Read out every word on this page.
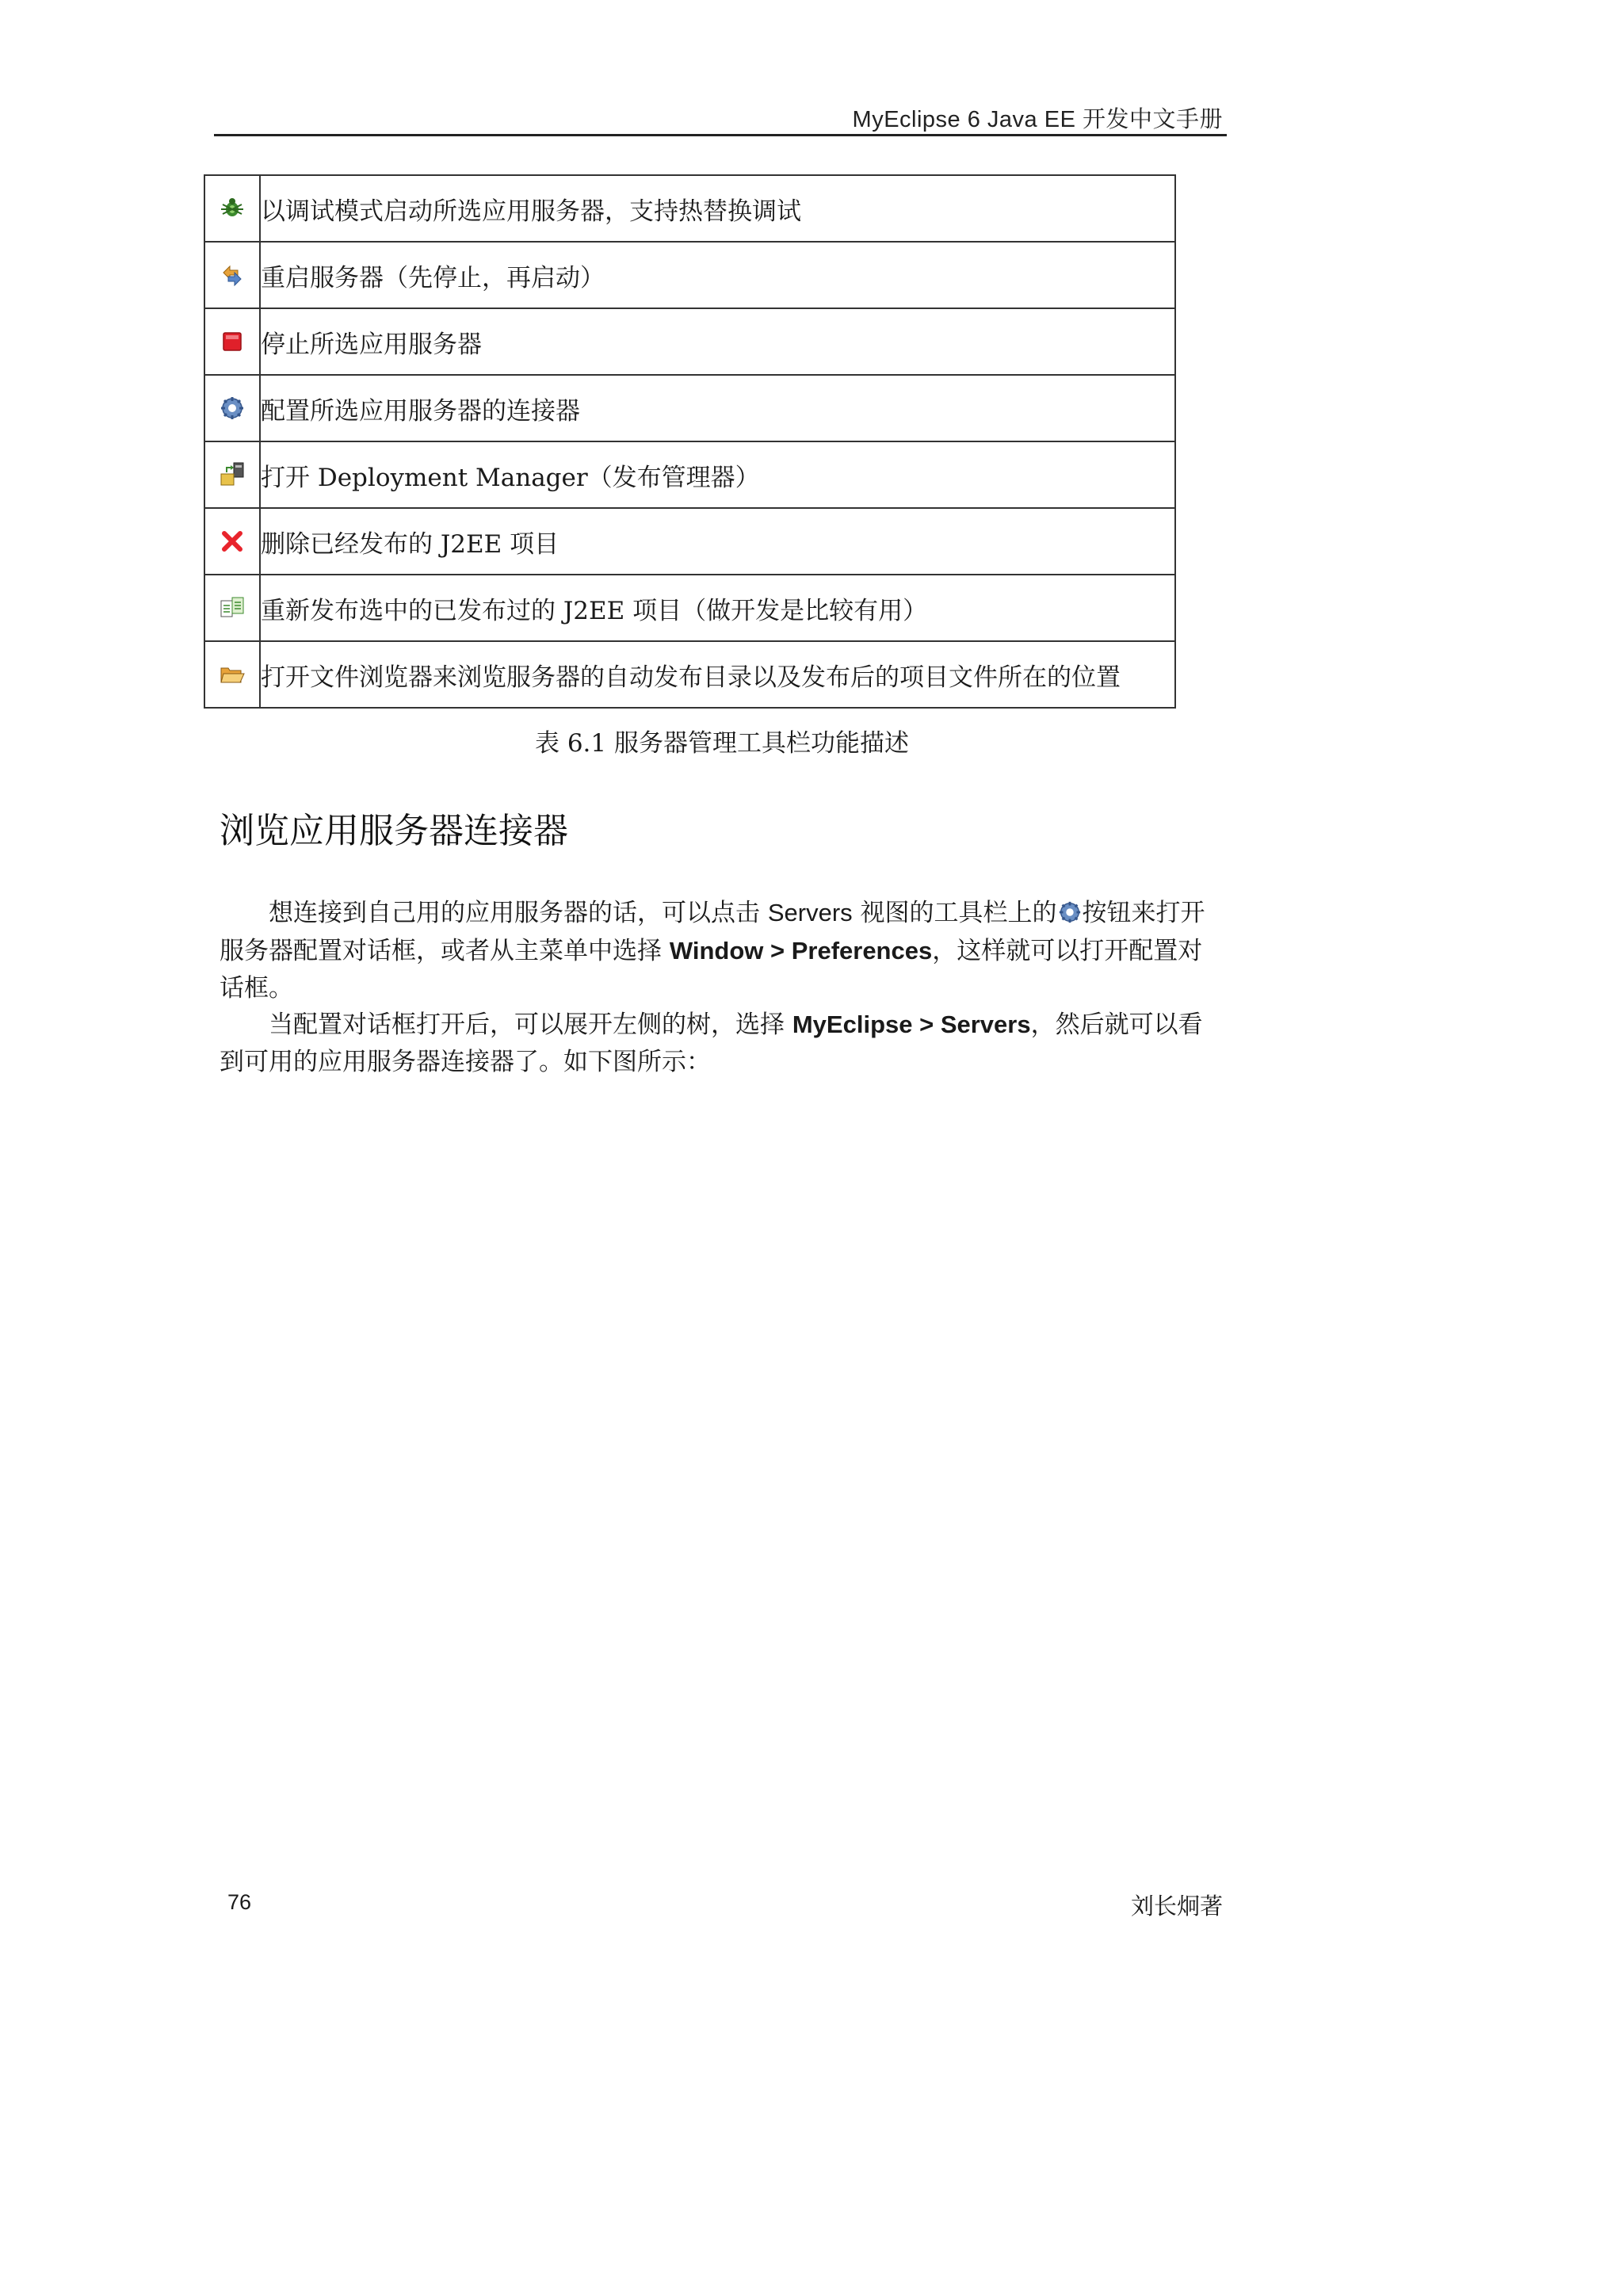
MyEclipse 6 Java EE 开发中文手册
	以调试模式启动所选应用服务器，支持热替换调试

	重启服务器（先停止，再启动）

	停止所选应用服务器

	配置所选应用服务器的连接器

	打开 Deployment Manager（发布管理器）

	删除已经发布的 J2EE 项目

	重新发布选中的已发布过的 J2EE 项目（做开发是比较有用）

	打开文件浏览器来浏览服务器的自动发布目录以及发布后的项目文件所在的位置
表 6.1 服务器管理工具栏功能描述
浏览应用服务器连接器
想连接到自己用的应用服务器的话，可以点击 Servers 视图的工具栏上的 按钮来打开服务器配置对话框，或者从主菜单中选择 Window > Preferences，这样就可以打开配置对话框。
当配置对话框打开后，可以展开左侧的树，选择 MyEclipse > Servers，然后就可以看到可用的应用服务器连接器了。如下图所示：
76	刘长炯著
